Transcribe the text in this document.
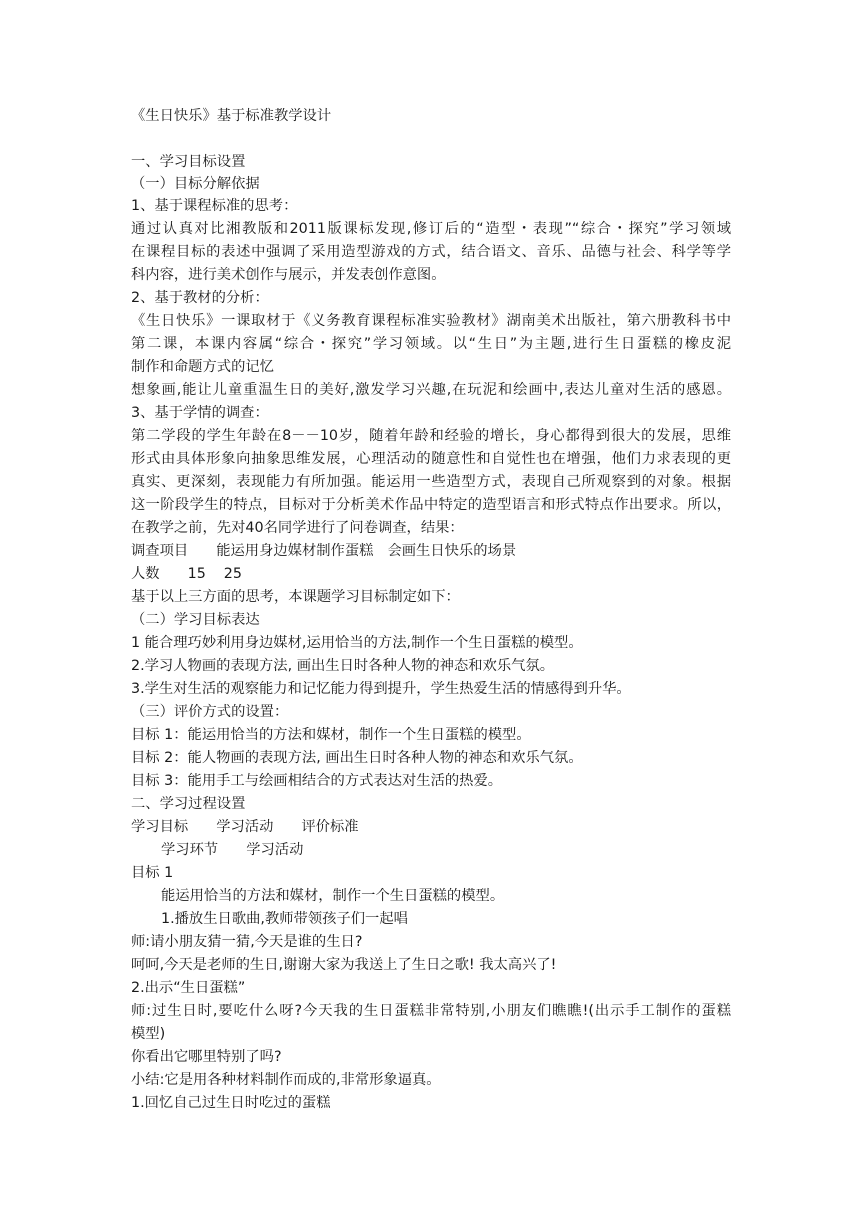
《生日快乐》基于标准教学设计
一、学习目标设置
（一）目标分解依据
1、基于课程标准的思考：
通过认真对比湘教版和2011版课标发现,修订后的“造型・表现”“综合・探究”学习领域
在课程目标的表述中强调了采用造型游戏的方式，结合语文、音乐、品德与社会、科学等学
科内容，进行美术创作与展示，并发表创作意图。
2、基于教材的分析：
《生日快乐》一课取材于《义务教育课程标准实验教材》湖南美术出版社，第六册教科书中
第二课，本课内容属“综合・探究”学习领域。以“生日”为主题,进行生日蛋糕的橡皮泥
制作和命题方式的记忆
想象画,能让儿童重温生日的美好,激发学习兴趣,在玩泥和绘画中,表达儿童对生活的感恩。
3、基于学情的调查：
第二学段的学生年龄在8－－10岁，随着年龄和经验的增长，身心都得到很大的发展，思维
形式由具体形象向抽象思维发展，心理活动的随意性和自觉性也在增强，他们力求表现的更
真实、更深刻，表现能力有所加强。能运用一些造型方式，表现自己所观察到的对象。根据
这一阶段学生的特点，目标对于分析美术作品中特定的造型语言和形式特点作出要求。所以，
在教学之前，先对40名同学进行了问卷调查，结果：
调查项目 能运用身边媒材制作蛋糕 会画生日快乐的场景
人数 15 25
基于以上三方面的思考，本课题学习目标制定如下：
（二）学习目标表达
1 能合理巧妙利用身边媒材,运用恰当的方法,制作一个生日蛋糕的模型。
2.学习人物画的表现方法, 画出生日时各种人物的神态和欢乐气氛。
3.学生对生活的观察能力和记忆能力得到提升，学生热爱生活的情感得到升华。
（三）评价方式的设置：
目标 1：能运用恰当的方法和媒材，制作一个生日蛋糕的模型。
目标 2：能人物画的表现方法, 画出生日时各种人物的神态和欢乐气氛。
目标 3：能用手工与绘画相结合的方式表达对生活的热爱。
二、学习过程设置
学习目标 学习活动 评价标准
学习环节 学习活动
目标 1
能运用恰当的方法和媒材，制作一个生日蛋糕的模型。
1.播放生日歌曲,教师带领孩子们一起唱
师:请小朋友猜一猜,今天是谁的生日?
呵呵,今天是老师的生日,谢谢大家为我送上了生日之歌! 我太高兴了!
2.出示“生日蛋糕”
师:过生日时,要吃什么呀?今天我的生日蛋糕非常特别,小朋友们瞧瞧!(出示手工制作的蛋糕
模型)
你看出它哪里特别了吗?
小结:它是用各种材料制作而成的,非常形象逼真。
1.回忆自己过生日时吃过的蛋糕
